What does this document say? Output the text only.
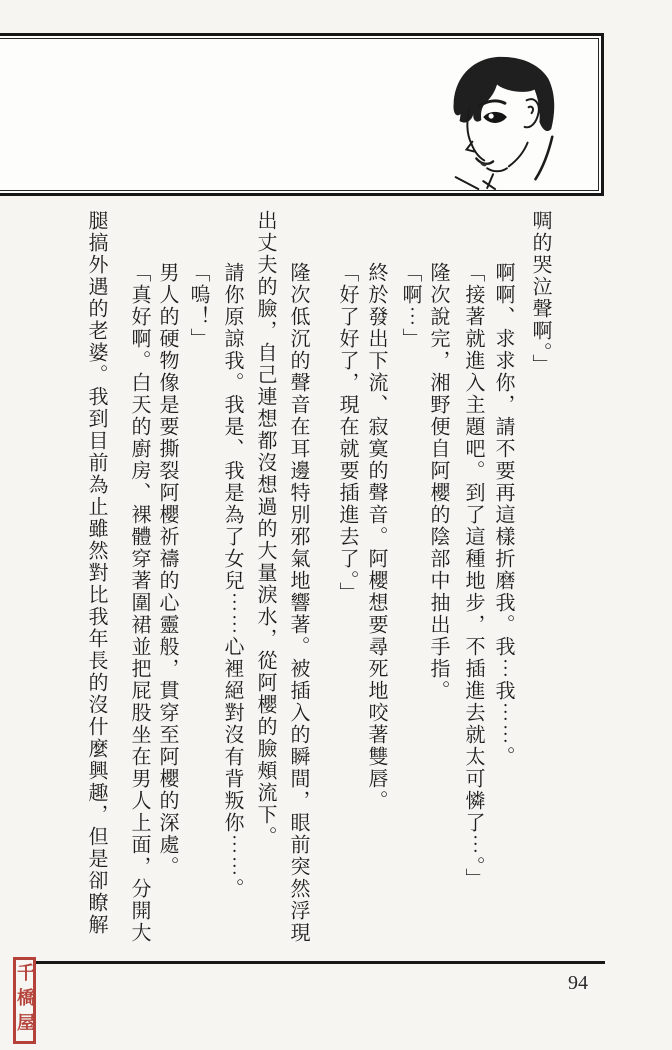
啁的哭泣聲啊。」
啊啊、求求你，請不要再這樣折磨我。我⋯我⋯⋯。
「接著就進入主題吧。到了這種地步，不插進去就太可憐了⋯。」
隆次說完，湘野便自阿櫻的陰部中抽出手指。
「啊⋯」
終於發出下流、寂寞的聲音。阿櫻想要尋死地咬著雙唇。
「好了好了，現在就要插進去了。」
隆次低沉的聲音在耳邊特別邪氣地響著。被插入的瞬間，眼前突然浮現
出丈夫的臉，自己連想都沒想過的大量淚水，從阿櫻的臉頰流下。
請你原諒我。我是、我是為了女兒⋯⋯心裡絕對沒有背叛你⋯⋯。
「嗚！」
男人的硬物像是要撕裂阿櫻祈禱的心靈般，貫穿至阿櫻的深處。
「真好啊。白天的廚房、裸體穿著圍裙並把屁股坐在男人上面，分開大
腿搞外遇的老婆。我到目前為止雖然對比我年長的沒什麼興趣，但是卻瞭解
94
千橋屋
